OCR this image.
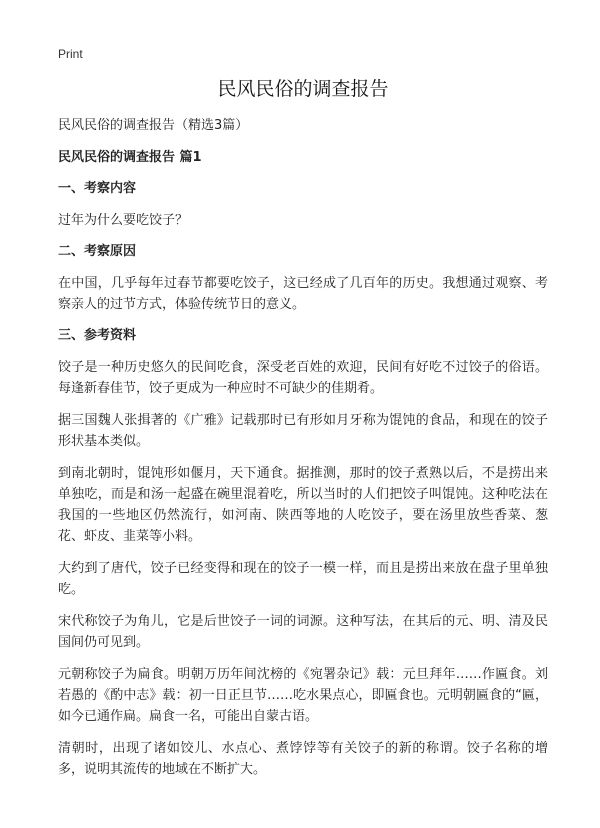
Print
民风民俗的调查报告
民风民俗的调查报告（精选3篇）
民风民俗的调查报告 篇1
一、考察内容

过年为什么要吃饺子？

二、考察原因

在中国，几乎每年过春节都要吃饺子，这已经成了几百年的历史。我想通过观察、考察亲人的过节方式，体验传统节日的意义。

三、参考资料

饺子是一种历史悠久的民间吃食，深受老百姓的欢迎，民间有好吃不过饺子的俗语。每逢新春佳节，饺子更成为一种应时不可缺少的佳期肴。

据三国魏人张揖著的《广雅》记载那时已有形如月牙称为馄饨的食品，和现在的饺子形状基本类似。

到南北朝时，馄饨形如偃月，天下通食。据推测，那时的饺子煮熟以后，不是捞出来单独吃，而是和汤一起盛在碗里混着吃，所以当时的人们把饺子叫馄饨。这种吃法在我国的一些地区仍然流行，如河南、陕西等地的人吃饺子，要在汤里放些香菜、葱花、虾皮、韭菜等小料。

大约到了唐代，饺子已经变得和现在的饺子一模一样，而且是捞出来放在盘子里单独吃。

宋代称饺子为角儿，它是后世饺子一词的词源。这种写法，在其后的元、明、清及民国间仍可见到。

元朝称饺子为扁食。明朝万历年间沈榜的《宛署杂记》载：元旦拜年……作匾食。刘若愚的《酌中志》载：初一日正旦节……吃水果点心，即匾食也。元明朝匾食的“匾，如今已通作扁。扁食一名，可能出自蒙古语。

清朝时，出现了诸如饺儿、水点心、煮饽饽等有关饺子的新的称谓。饺子名称的增多，说明其流传的地域在不断扩大。
